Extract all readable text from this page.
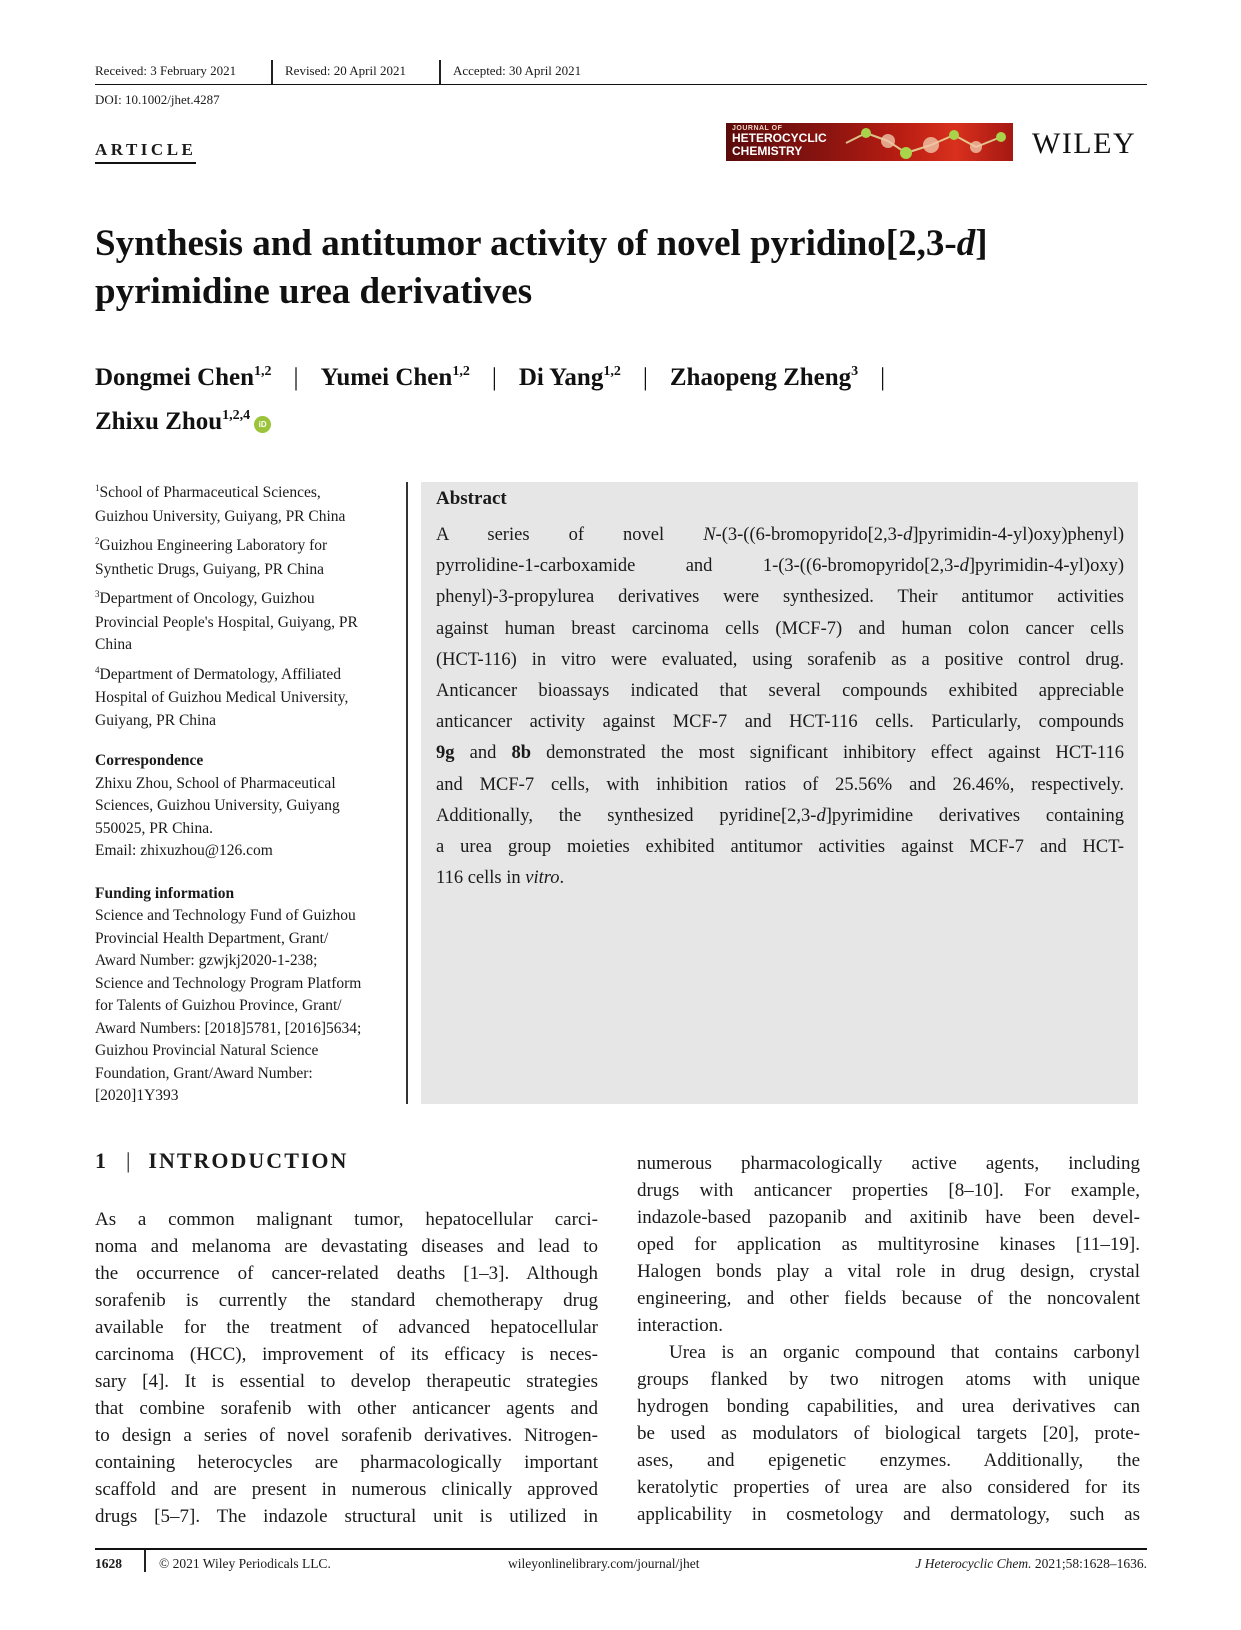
Received: 3 February 2021	Revised: 20 April 2021	Accepted: 30 April 2021
DOI: 10.1002/jhet.4287
ARTICLE
JOURNAL OF
HETEROCYCLIC
CHEMISTRY	WILEY
Synthesis and antitumor activity of novel pyridino[2,3-d]
pyrimidine urea derivatives
Dongmei Chen$^{1,2}$ | Yumei Chen$^{1,2}$ | Di Yang$^{1,2}$ | Zhaopeng Zheng$^3$ |
Zhixu Zhou$^{1,2,4}$iD

$^1$School of Pharmaceutical Sciences,
Guizhou University, Guiyang, PR China

$^2$Guizhou Engineering Laboratory for
Synthetic Drugs, Guiyang, PR China

$^3$Department of Oncology, Guizhou
Provincial People's Hospital, Guiyang, PR
China

$^4$Department of Dermatology, Affiliated
Hospital of Guizhou Medical University,
Guiyang, PR China

Correspondence
Zhixu Zhou, School of Pharmaceutical
Sciences, Guizhou University, Guiyang
550025, PR China.
Email: zhixuzhou@126.com
Funding information
Science and Technology Fund of Guizhou
Provincial Health Department, Grant/
Award Number: gzwjkj2020-1-238;
Science and Technology Program Platform
for Talents of Guizhou Province, Grant/
Award Numbers: [2018]5781, [2016]5634;
Guizhou Provincial Natural Science
Foundation, Grant/Award Number:
[2020]1Y393
Abstract
A series of novel N-(3-((6-bromopyrido[2,3-d]pyrimidin-4-yl)oxy)phenyl)
pyrrolidine-1-carboxamide and 1-(3-((6-bromopyrido[2,3-d]pyrimidin-4-yl)oxy)
phenyl)-3-propylurea derivatives were synthesized. Their antitumor activities
against human breast carcinoma cells (MCF-7) and human colon cancer cells
(HCT-116) in vitro were evaluated, using sorafenib as a positive control drug.
Anticancer bioassays indicated that several compounds exhibited appreciable
anticancer activity against MCF-7 and HCT-116 cells. Particularly, compounds
9g and 8b demonstrated the most significant inhibitory effect against HCT-116
and MCF-7 cells, with inhibition ratios of 25.56% and 26.46%, respectively.
Additionally, the synthesized pyridine[2,3-d]pyrimidine derivatives containing
a urea group moieties exhibited antitumor activities against MCF-7 and HCT-
116 cells in vitro.
1 | INTRODUCTION
As a common malignant tumor, hepatocellular carci-
noma and melanoma are devastating diseases and lead to
the occurrence of cancer-related deaths [1–3]. Although
sorafenib is currently the standard chemotherapy drug
available for the treatment of advanced hepatocellular
carcinoma (HCC), improvement of its efficacy is neces-
sary [4]. It is essential to develop therapeutic strategies
that combine sorafenib with other anticancer agents and
to design a series of novel sorafenib derivatives. Nitrogen-
containing heterocycles are pharmacologically important
scaffold and are present in numerous clinically approved
drugs [5–7]. The indazole structural unit is utilized in
numerous pharmacologically active agents, including
drugs with anticancer properties [8–10]. For example,
indazole-based pazopanib and axitinib have been devel-
oped for application as multityrosine kinases [11–19].
Halogen bonds play a vital role in drug design, crystal
engineering, and other fields because of the noncovalent
interaction.
Urea is an organic compound that contains carbonyl
groups flanked by two nitrogen atoms with unique
hydrogen bonding capabilities, and urea derivatives can
be used as modulators of biological targets [20], prote-
ases, and epigenetic enzymes. Additionally, the
keratolytic properties of urea are also considered for its
applicability in cosmetology and dermatology, such as
1628	© 2021 Wiley Periodicals LLC.	wileyonlinelibrary.com/journal/jhet	J Heterocyclic Chem. 2021;58:1628–1636.
